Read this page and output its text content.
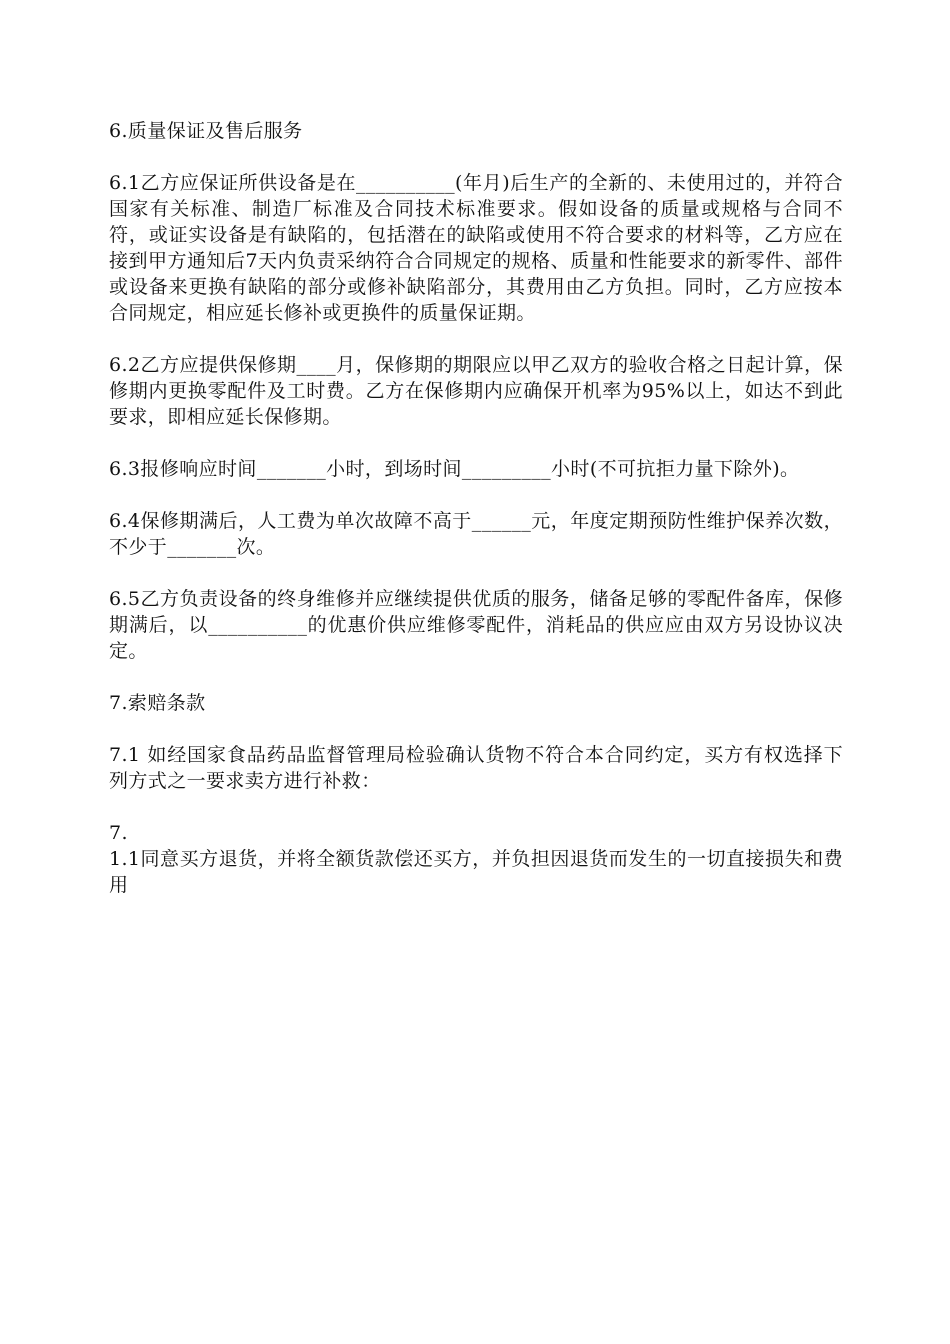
6.质量保证及售后服务

6.1乙方应保证所供设备是在__________(年月)后生产的全新的、未使用过的，并符合国家有关标准、制造厂标准及合同技术标准要求。假如设备的质量或规格与合同不符，或证实设备是有缺陷的，包括潜在的缺陷或使用不符合要求的材料等，乙方应在接到甲方通知后7天内负责采纳符合合同规定的规格、质量和性能要求的新零件、部件或设备来更换有缺陷的部分或修补缺陷部分，其费用由乙方负担。同时，乙方应按本合同规定，相应延长修补或更换件的质量保证期。

6.2乙方应提供保修期____月，保修期的期限应以甲乙双方的验收合格之日起计算，保修期内更换零配件及工时费。乙方在保修期内应确保开机率为95%以上，如达不到此要求，即相应延长保修期。

6.3报修响应时间_______小时，到场时间_________小时(不可抗拒力量下除外)。

6.4保修期满后，人工费为单次故障不高于______元，年度定期预防性维护保养次数，不少于_______次。

6.5乙方负责设备的终身维修并应继续提供优质的服务，储备足够的零配件备库，保修期满后，以__________的优惠价供应维修零配件，消耗品的供应应由双方另设协议决定。

7.索赔条款

7.1 如经国家食品药品监督管理局检验确认货物不符合本合同约定，买方有权选择下列方式之一要求卖方进行补救：

7.
1.1同意买方退货，并将全额货款偿还买方，并负担因退货而发生的一切直接损失和费用
